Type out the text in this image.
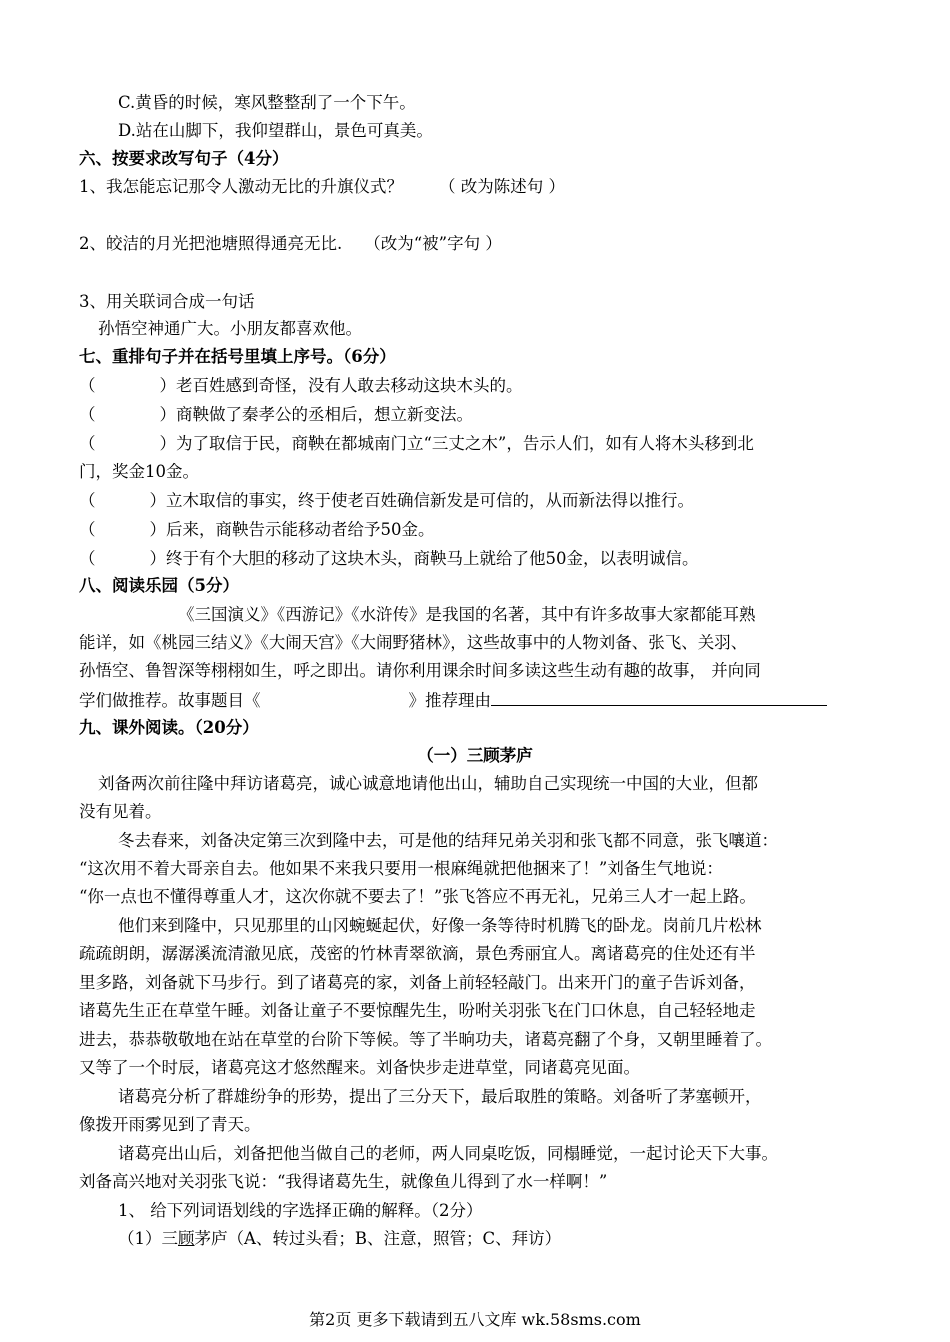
C.黄昏的时候，寒风整整刮了一个下午。
D.站在山脚下，我仰望群山，景色可真美。
六、按要求改写句子（4分）
1、我怎能忘记那令人激动无比的升旗仪式？ （ 改为陈述句 ）
2、皎洁的月光把池塘照得通亮无比. （改为“被”字句 ）
3、用关联词合成一句话
孙悟空神通广大。小朋友都喜欢他。
七、重排句子并在括号里填上序号。（6分）
（	）老百姓感到奇怪，没有人敢去移动这块木头的。
（	）商鞅做了秦孝公的丞相后，想立新变法。
（	）为了取信于民，商鞅在都城南门立“三丈之木”，告示人们，如有人将木头移到北
门，奖金10金。
（	）立木取信的事实，终于使老百姓确信新发是可信的，从而新法得以推行。
（	）后来，商鞅告示能移动者给予50金。
（	）终于有个大胆的移动了这块木头，商鞅马上就给了他50金，以表明诚信。
八、阅读乐园（5分）
《三国演义》《西游记》《水浒传》是我国的名著，其中有许多故事大家都能耳熟
能详，如《桃园三结义》《大闹天宫》《大闹野猪林》，这些故事中的人物刘备、张飞、关羽、
孙悟空、鲁智深等栩栩如生，呼之即出。请你利用课余时间多读这些生动有趣的故事， 并向同
学们做推荐。故事题目《	》推荐理由
九、课外阅读。（20分）
（一）三顾茅庐
刘备两次前往隆中拜访诸葛亮，诚心诚意地请他出山，辅助自己实现统一中国的大业，但都
没有见着。
冬去春来，刘备决定第三次到隆中去，可是他的结拜兄弟关羽和张飞都不同意，张飞嚷道：
“这次用不着大哥亲自去。他如果不来我只要用一根麻绳就把他捆来了！”刘备生气地说：
“你一点也不懂得尊重人才，这次你就不要去了！”张飞答应不再无礼，兄弟三人才一起上路。
他们来到隆中，只见那里的山冈蜿蜒起伏，好像一条等待时机腾飞的卧龙。岗前几片松林
疏疏朗朗，潺潺溪流清澈见底，茂密的竹林青翠欲滴，景色秀丽宜人。离诸葛亮的住处还有半
里多路，刘备就下马步行。到了诸葛亮的家，刘备上前轻轻敲门。出来开门的童子告诉刘备，
诸葛先生正在草堂午睡。刘备让童子不要惊醒先生，吩咐关羽张飞在门口休息，自己轻轻地走
进去，恭恭敬敬地在站在草堂的台阶下等候。等了半晌功夫，诸葛亮翻了个身，又朝里睡着了。
又等了一个时辰，诸葛亮这才悠然醒来。刘备快步走进草堂，同诸葛亮见面。
诸葛亮分析了群雄纷争的形势，提出了三分天下，最后取胜的策略。刘备听了茅塞顿开，
像拨开雨雾见到了青天。
诸葛亮出山后，刘备把他当做自己的老师，两人同桌吃饭，同榻睡觉，一起讨论天下大事。
刘备高兴地对关羽张飞说：“我得诸葛先生，就像鱼儿得到了水一样啊！”
1、 给下列词语划线的字选择正确的解释。（2分）
（1）三顾茅庐（A、转过头看；B、注意，照管；C、拜访）
第2页 更多下载请到五八文库 wk.58sms.com
